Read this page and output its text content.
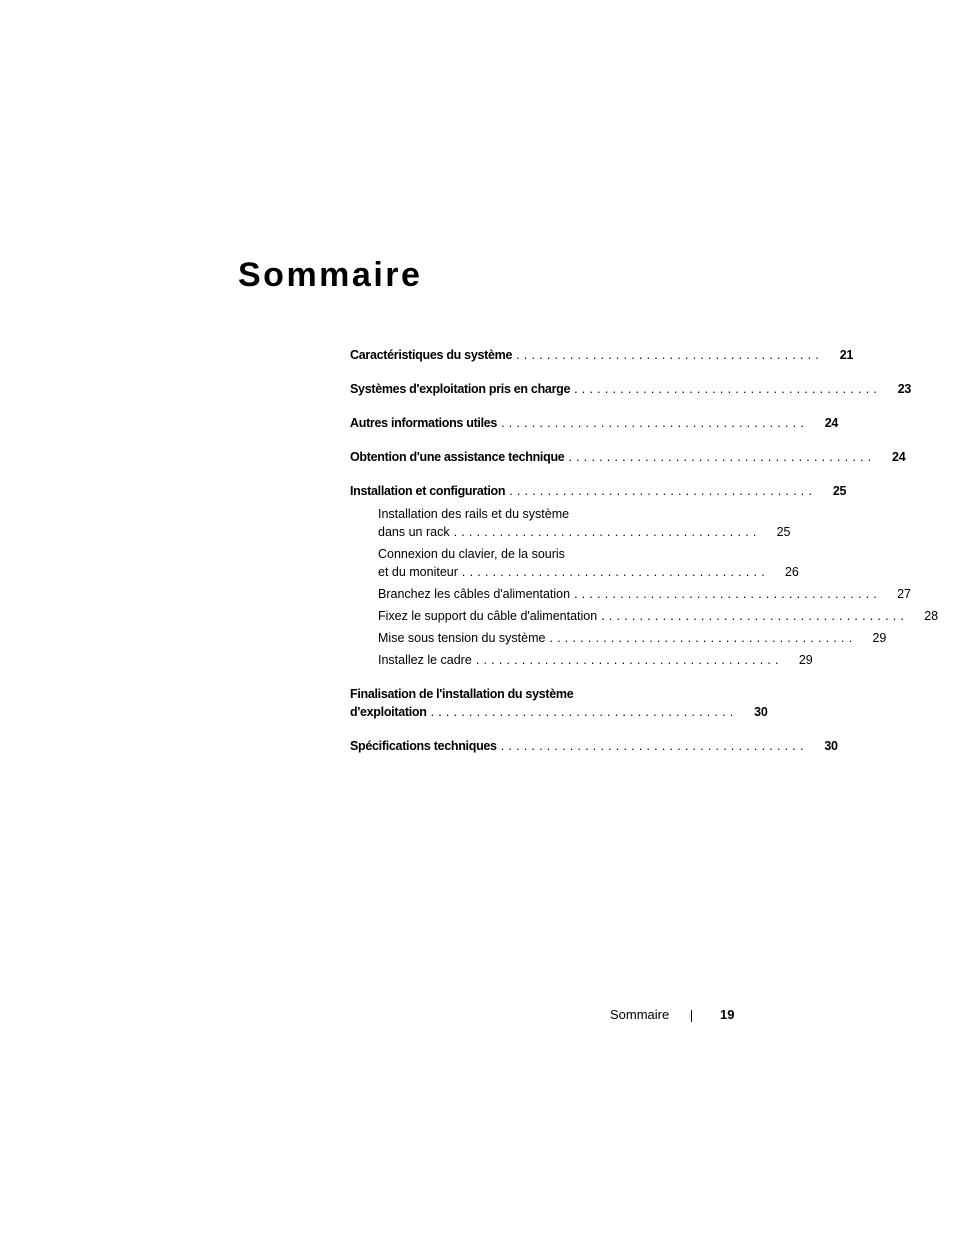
Sommaire
Caractéristiques du système ........................................	21
Systèmes d'exploitation pris en charge ........................................	23
Autres informations utiles ........................................	24
Obtention d'une assistance technique ........................................	24
Installation et configuration ........................................	25
Installation des rails et du système
dans un rack ........................................	25
Connexion du clavier, de la souris
et du moniteur ........................................	26
Branchez les câbles d'alimentation ........................................	27
Fixez le support du câble d'alimentation ........................................	28
Mise sous tension du système ........................................	29
Installez le cadre ........................................	29
Finalisation de l'installation du système
d'exploitation ........................................	30
Spécifications techniques ........................................	30
Sommaire	19
